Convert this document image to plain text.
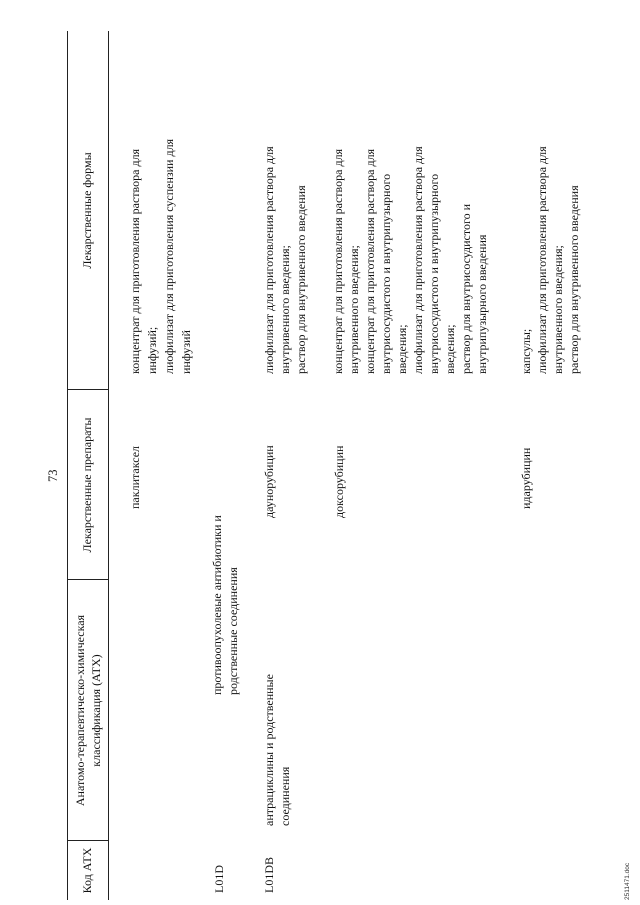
73
Код АТХ
Анатомо-терапевтическо-химическая классификация (АТХ)
Лекарственные препараты
Лекарственные формы
паклитаксел
концентрат для приготовления раствора для инфузий; лиофилизат для приготовления суспензии для инфузий
L01D
противоопухолевые антибиотики и родственные соединения
L01DB
антрациклины и родственные соединения
даунорубицин
лиофилизат для приготовления раствора для внутривенного введения; раствор для внутривенного введения
доксорубицин
концентрат для приготовления раствора для внутривенного введения; концентрат для приготовления раствора для внутрисосудистого и внутрипузырного введения; лиофилизат для приготовления раствора для внутрисосудистого и внутрипузырного введения; раствор для внутрисосудистого и внутрипузырного введения
идарубицин
капсулы; лиофилизат для приготовления раствора для внутривенного введения; раствор для внутривенного введения
2511471.doc
